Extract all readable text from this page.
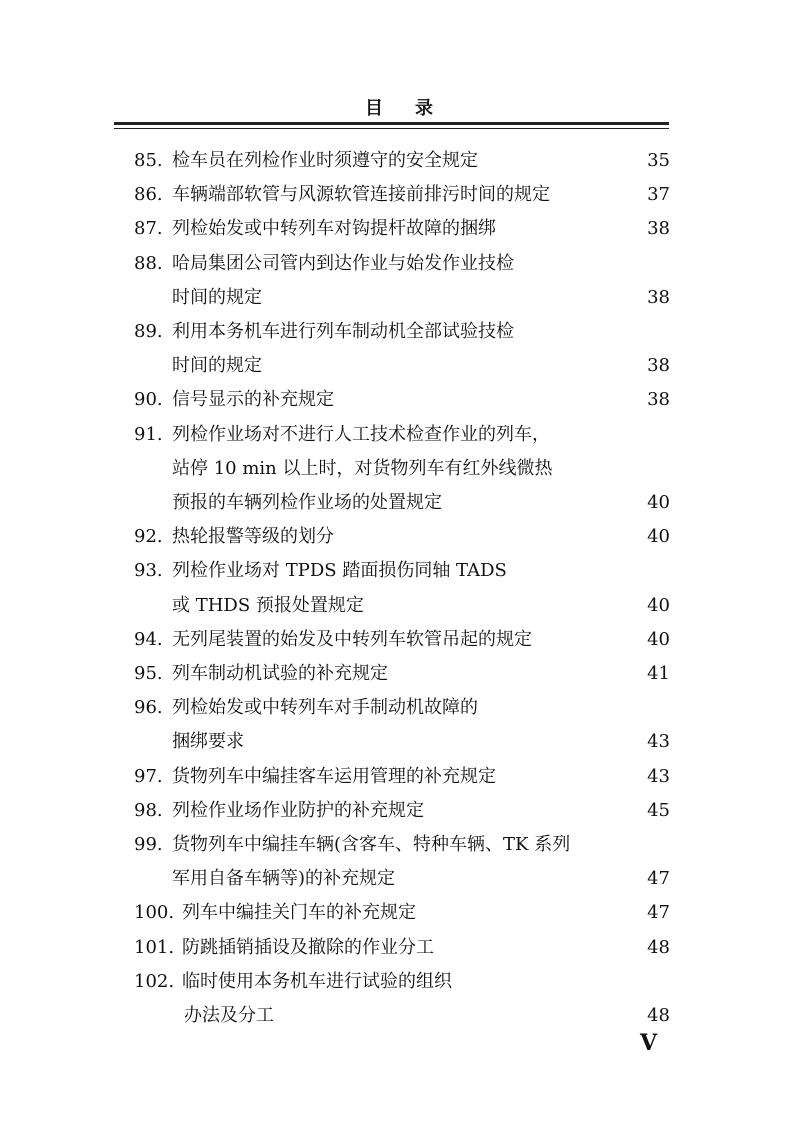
目 录
85. 检车员在列检作业时须遵守的安全规定	35
86. 车辆端部软管与风源软管连接前排污时间的规定	37
87. 列检始发或中转列车对钩提杆故障的捆绑	38
88. 哈局集团公司管内到达作业与始发作业技检
时间的规定	38
89. 利用本务机车进行列车制动机全部试验技检
时间的规定	38
90. 信号显示的补充规定	38
91. 列检作业场对不进行人工技术检查作业的列车，
站停 10 min 以上时，对货物列车有红外线微热
预报的车辆列检作业场的处置规定	40
92. 热轮报警等级的划分	40
93. 列检作业场对 TPDS 踏面损伤同轴 TADS
或 THDS 预报处置规定	40
94. 无列尾装置的始发及中转列车软管吊起的规定	40
95. 列车制动机试验的补充规定	41
96. 列检始发或中转列车对手制动机故障的
捆绑要求	43
97. 货物列车中编挂客车运用管理的补充规定	43
98. 列检作业场作业防护的补充规定	45
99. 货物列车中编挂车辆(含客车、特种车辆、TK 系列
军用自备车辆等)的补充规定	47
100. 列车中编挂关门车的补充规定	47
101. 防跳插销插设及撤除的作业分工	48
102. 临时使用本务机车进行试验的组织
办法及分工	48
V
